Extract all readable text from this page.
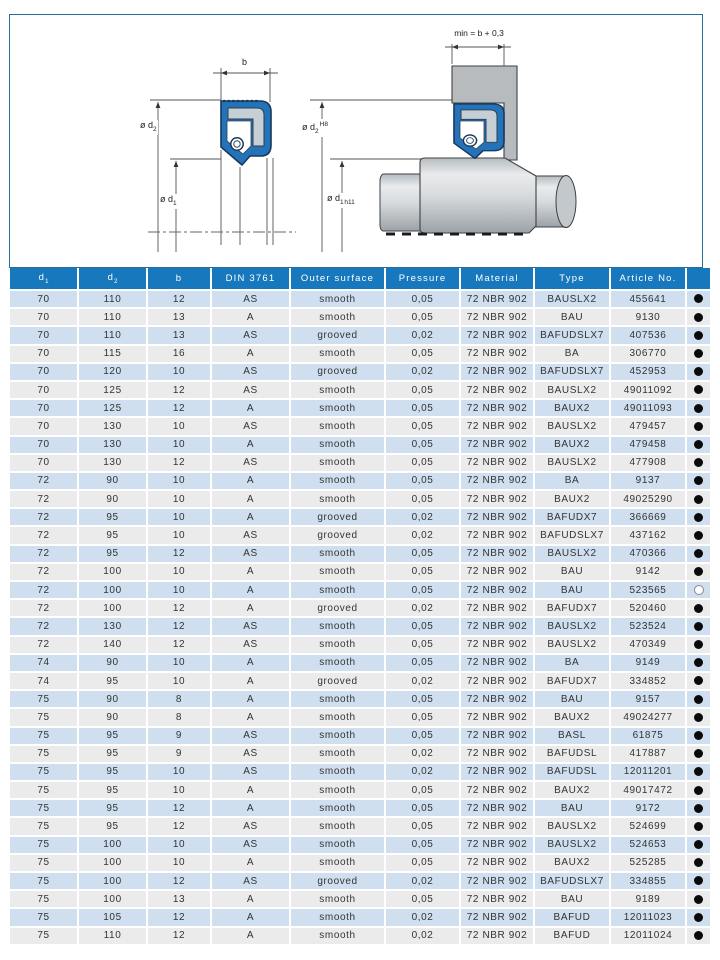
b
ø $d_2$
ø $d_1$
min = b + 0,3
ø $d_2^{H8}$
ø $d_1$ $_{h11}$
$d_1$	$d_2$	b	DIN 3761	Outer surface	Pressure	Material	Type	Article No.	
70	110	12	AS	smooth	0,05	72 NBR 902	BAUSLX2	455641	
70	110	13	A	smooth	0,05	72 NBR 902	BAU	9130	
70	110	13	AS	grooved	0,02	72 NBR 902	BAFUDSLX7	407536	
70	115	16	A	smooth	0,05	72 NBR 902	BA	306770	
70	120	10	AS	grooved	0,02	72 NBR 902	BAFUDSLX7	452953	
70	125	12	AS	smooth	0,05	72 NBR 902	BAUSLX2	49011092	
70	125	12	A	smooth	0,05	72 NBR 902	BAUX2	49011093	
70	130	10	AS	smooth	0,05	72 NBR 902	BAUSLX2	479457	
70	130	10	A	smooth	0,05	72 NBR 902	BAUX2	479458	
70	130	12	AS	smooth	0,05	72 NBR 902	BAUSLX2	477908	
72	90	10	A	smooth	0,05	72 NBR 902	BA	9137	
72	90	10	A	smooth	0,05	72 NBR 902	BAUX2	49025290	
72	95	10	A	grooved	0,02	72 NBR 902	BAFUDX7	366669	
72	95	10	AS	grooved	0,02	72 NBR 902	BAFUDSLX7	437162	
72	95	12	AS	smooth	0,05	72 NBR 902	BAUSLX2	470366	
72	100	10	A	smooth	0,05	72 NBR 902	BAU	9142	
72	100	10	A	smooth	0,05	72 NBR 902	BAU	523565	
72	100	12	A	grooved	0,02	72 NBR 902	BAFUDX7	520460	
72	130	12	AS	smooth	0,05	72 NBR 902	BAUSLX2	523524	
72	140	12	AS	smooth	0,05	72 NBR 902	BAUSLX2	470349	
74	90	10	A	smooth	0,05	72 NBR 902	BA	9149	
74	95	10	A	grooved	0,02	72 NBR 902	BAFUDX7	334852	
75	90	8	A	smooth	0,05	72 NBR 902	BAU	9157	
75	90	8	A	smooth	0,05	72 NBR 902	BAUX2	49024277	
75	95	9	AS	smooth	0,05	72 NBR 902	BASL	61875	
75	95	9	AS	smooth	0,02	72 NBR 902	BAFUDSL	417887	
75	95	10	AS	smooth	0,02	72 NBR 902	BAFUDSL	12011201	
75	95	10	A	smooth	0,05	72 NBR 902	BAUX2	49017472	
75	95	12	A	smooth	0,05	72 NBR 902	BAU	9172	
75	95	12	AS	smooth	0,05	72 NBR 902	BAUSLX2	524699	
75	100	10	AS	smooth	0,05	72 NBR 902	BAUSLX2	524653	
75	100	10	A	smooth	0,05	72 NBR 902	BAUX2	525285	
75	100	12	AS	grooved	0,02	72 NBR 902	BAFUDSLX7	334855	
75	100	13	A	smooth	0,05	72 NBR 902	BAU	9189	
75	105	12	A	smooth	0,02	72 NBR 902	BAFUD	12011023	
75	110	12	A	smooth	0,02	72 NBR 902	BAFUD	12011024	
